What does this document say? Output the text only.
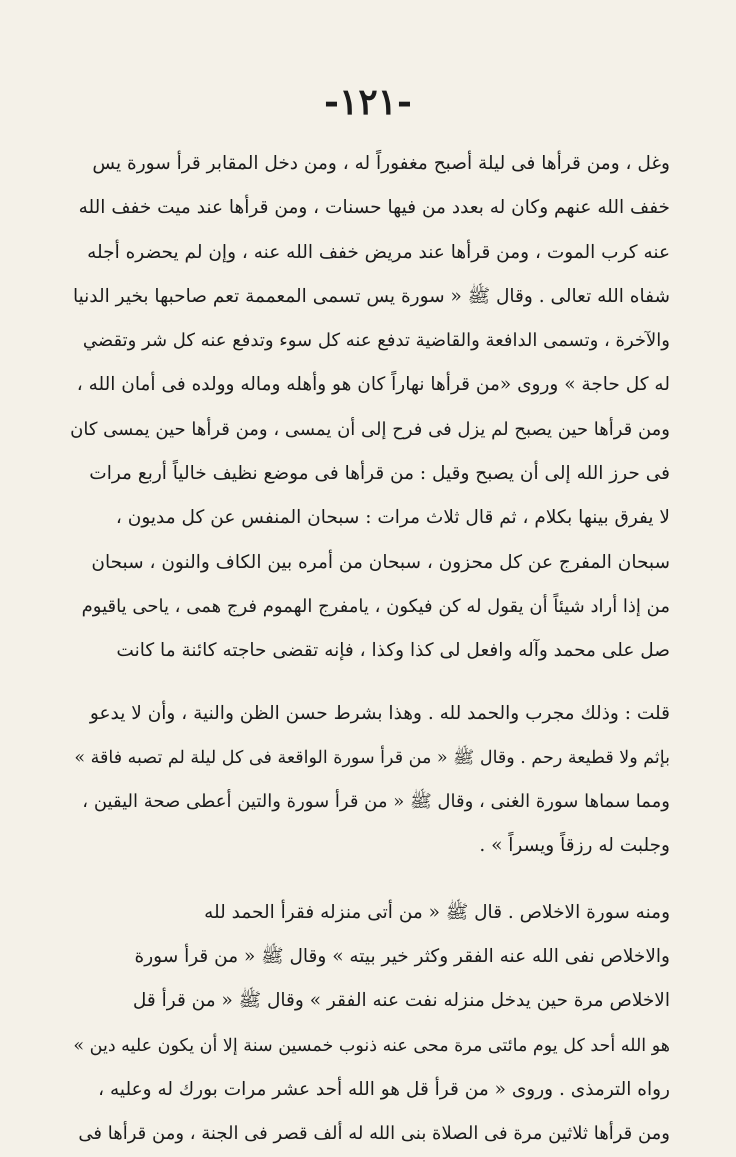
-١٢١-
وغل ، ومن قرأها فى ليلة أصبح مغفوراً له ، ومن دخل المقابر قرأ سورة يس
خفف الله عنهم وكان له بعدد من فيها حسنات ، ومن قرأها عند ميت خفف الله
عنه كرب الموت ، ومن قرأها عند مريض خفف الله عنه ، وإن لم يحضره أجله
شفاه الله تعالى . وقال ﷺ « سورة يس تسمى المعممة تعم صاحبها بخير الدنيا
والآخرة ، وتسمى الدافعة والقاضية تدفع عنه كل سوء وتدفع عنه كل شر وتقضي
له كل حاجة » وروى «من قرأها نهاراً كان هو وأهله وماله وولده فى أمان الله ،
ومن قرأها حين يصبح لم يزل فى فرح إلى أن يمسى ، ومن قرأها حين يمسى كان
فى حرز الله إلى أن يصبح وقيل : من قرأها فى موضع نظيف خالياً أربع مرات
لا يفرق بينها بكلام ، ثم قال ثلاث مرات : سبحان المنفس عن كل مديون ،
سبحان المفرج عن كل محزون ، سبحان من أمره بين الكاف والنون ، سبحان
من إذا أراد شيئاً أن يقول له كن فيكون ، يامفرج الهموم فرج همى ، ياحى ياقيوم
صل على محمد وآله وافعل لى كذا وكذا ، فإنه تقضى حاجته كائنة ما كانت
قلت : وذلك مجرب والحمد لله . وهذا بشرط حسن الظن والنية ، وأن لا يدعو
بإثم ولا قطيعة رحم . وقال ﷺ « من قرأ سورة الواقعة فى كل ليلة لم تصبه فاقة »
ومما سماها سورة الغنى ، وقال ﷺ « من قرأ سورة والتين أعطى صحة اليقين ،
وجلبت له رزقاً ويسراً » .
ومنه سورة الاخلاص . قال ﷺ « من أتى منزله فقرأ الحمد لله
والاخلاص نفى الله عنه الفقر وكثر خير بيته » وقال ﷺ « من قرأ سورة
الاخلاص مرة حين يدخل منزله نفت عنه الفقر » وقال ﷺ « من قرأ قل
هو الله أحد كل يوم مائتى مرة محى عنه ذنوب خمسين سنة إلا أن يكون عليه دين »
رواه الترمذى . وروى « من قرأ قل هو الله أحد عشر مرات بورك له وعليه ،
ومن قرأها ثلاثين مرة فى الصلاة بنى الله له ألف قصر فى الجنة ، ومن قرأها فى
